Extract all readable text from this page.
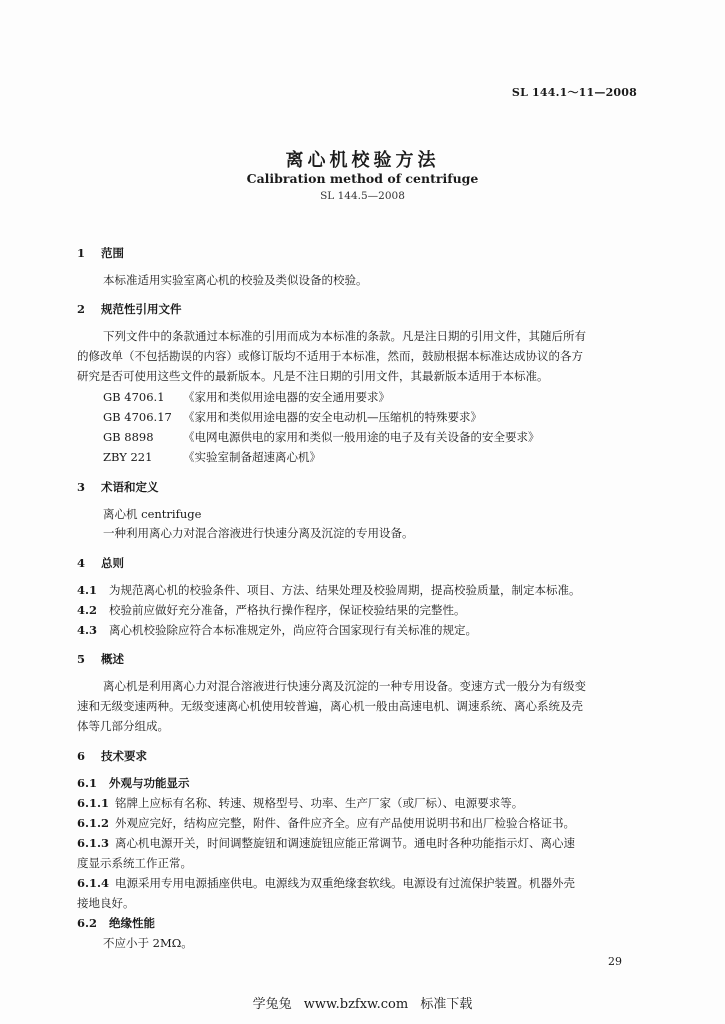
SL 144.1～11—2008
离心机校验方法
Calibration method of centrifuge
SL 144.5—2008
1 范围
本标准适用实验室离心机的校验及类似设备的校验。
2 规范性引用文件
下列文件中的条款通过本标准的引用而成为本标准的条款。凡是注日期的引用文件，其随后所有
的修改单（不包括勘误的内容）或修订版均不适用于本标准，然而，鼓励根据本标准达成协议的各方
研究是否可使用这些文件的最新版本。凡是不注日期的引用文件，其最新版本适用于本标准。
GB 4706.1 《家用和类似用途电器的安全通用要求》
GB 4706.17 《家用和类似用途电器的安全电动机—压缩机的特殊要求》
GB 8898	《电网电源供电的家用和类似一般用途的电子及有关设备的安全要求》
ZBY 221	《实验室制备超速离心机》
3 术语和定义
离心机 centrifuge
一种利用离心力对混合溶液进行快速分离及沉淀的专用设备。
4 总则
4.1 为规范离心机的校验条件、项目、方法、结果处理及校验周期，提高校验质量，制定本标准。
4.2 校验前应做好充分准备，严格执行操作程序，保证校验结果的完整性。
4.3 离心机校验除应符合本标准规定外，尚应符合国家现行有关标准的规定。
5 概述
离心机是利用离心力对混合溶液进行快速分离及沉淀的一种专用设备。变速方式一般分为有级变
速和无级变速两种。无级变速离心机使用较普遍，离心机一般由高速电机、调速系统、离心系统及壳
体等几部分组成。
6 技术要求
6.1 外观与功能显示
6.1.1 铭牌上应标有名称、转速、规格型号、功率、生产厂家（或厂标）、电源要求等。
6.1.2 外观应完好，结构应完整，附件、备件应齐全。应有产品使用说明书和出厂检验合格证书。
6.1.3 离心机电源开关，时间调整旋钮和调速旋钮应能正常调节。通电时各种功能指示灯、离心速
度显示系统工作正常。
6.1.4 电源采用专用电源插座供电。电源线为双重绝缘套软线。电源设有过流保护装置。机器外壳
接地良好。
6.2 绝缘性能
不应小于 2MΩ。
29
学兔兔 www.bzfxw.com 标准下载
